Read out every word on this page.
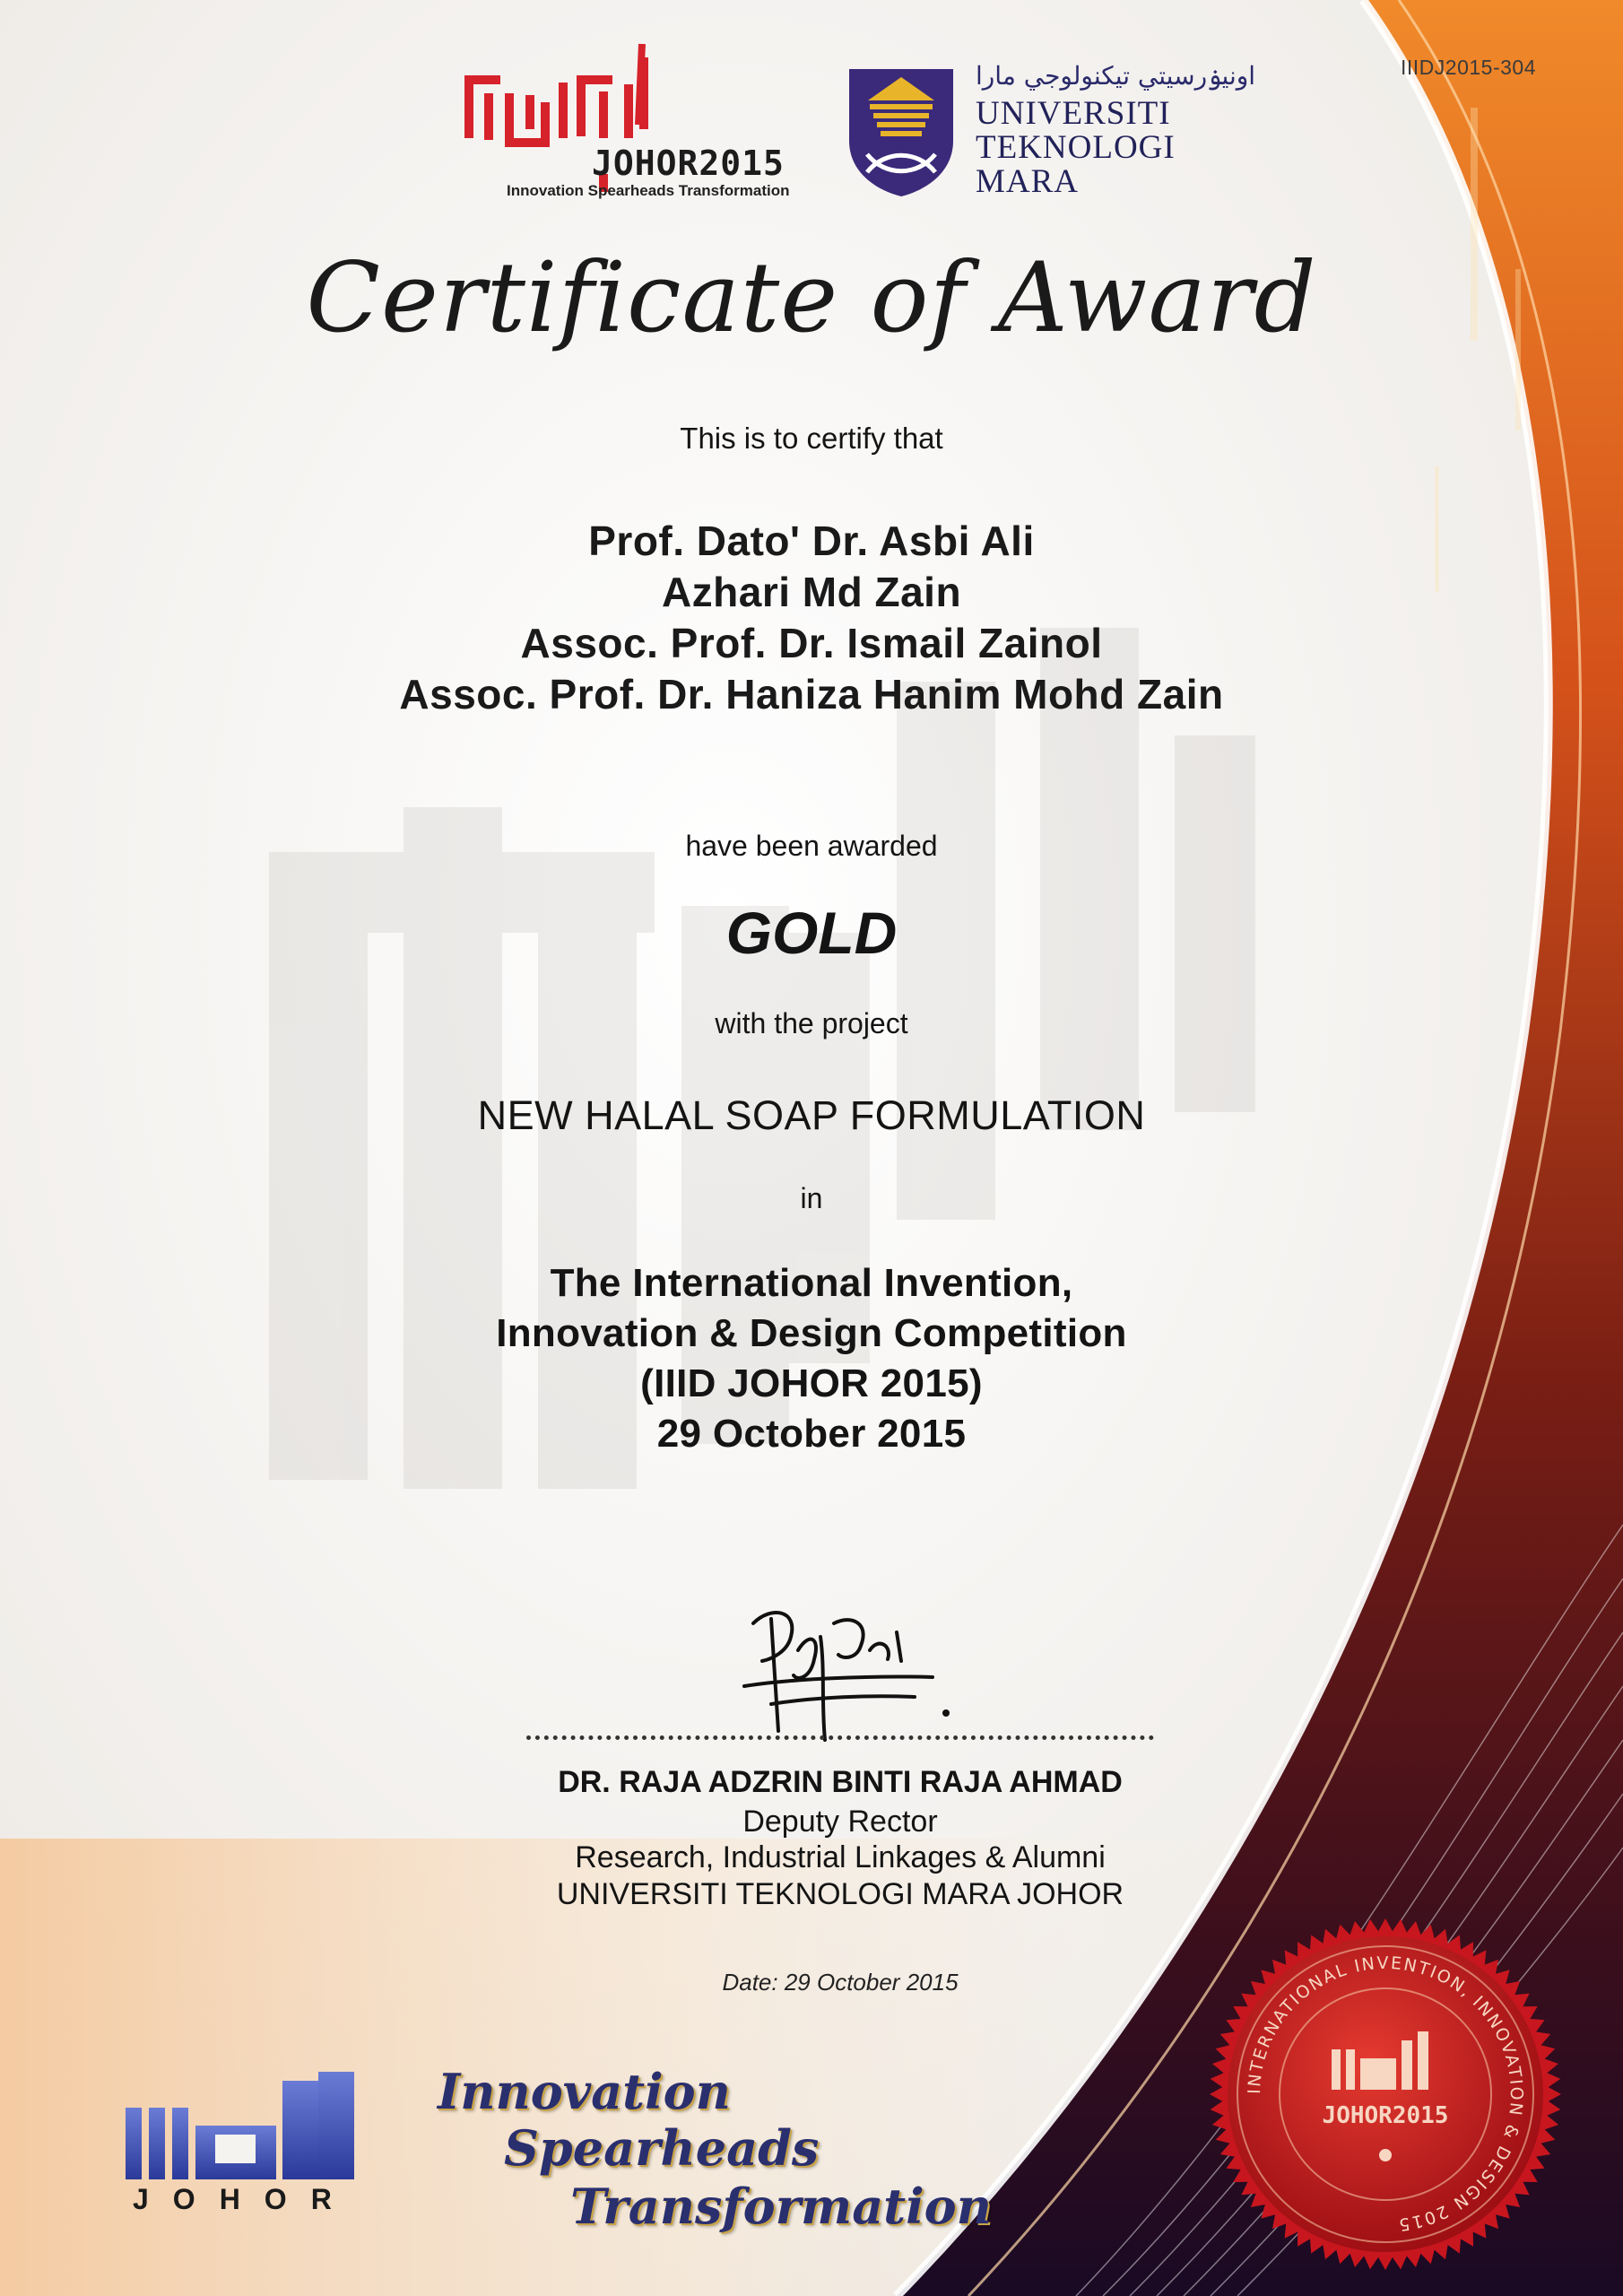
IIIDJ2015-304
JOHOR2015
Innovation Spearheads Transformation
اونيۏرسيتي تيكنولوجي مارا
UNIVERSITI
TEKNOLOGI
MARA
Certificate of Award
This is to certify that
Prof. Dato' Dr. Asbi Ali
Azhari Md Zain
Assoc. Prof. Dr. Ismail Zainol
Assoc. Prof. Dr. Haniza Hanim Mohd Zain
have been awarded
GOLD
with the project
NEW HALAL SOAP FORMULATION
in
The International Invention,
Innovation & Design Competition
(IIID JOHOR 2015)
29 October 2015
DR. RAJA ADZRIN BINTI RAJA AHMAD
Deputy Rector
Research, Industrial Linkages & Alumni
UNIVERSITI TEKNOLOGI MARA JOHOR
Date: 29 October 2015
JOHOR
Innovation
Spearheads
Transformation
INTERNATIONAL INVENTION, INNOVATION & DESIGN 2015
JOHOR2015
